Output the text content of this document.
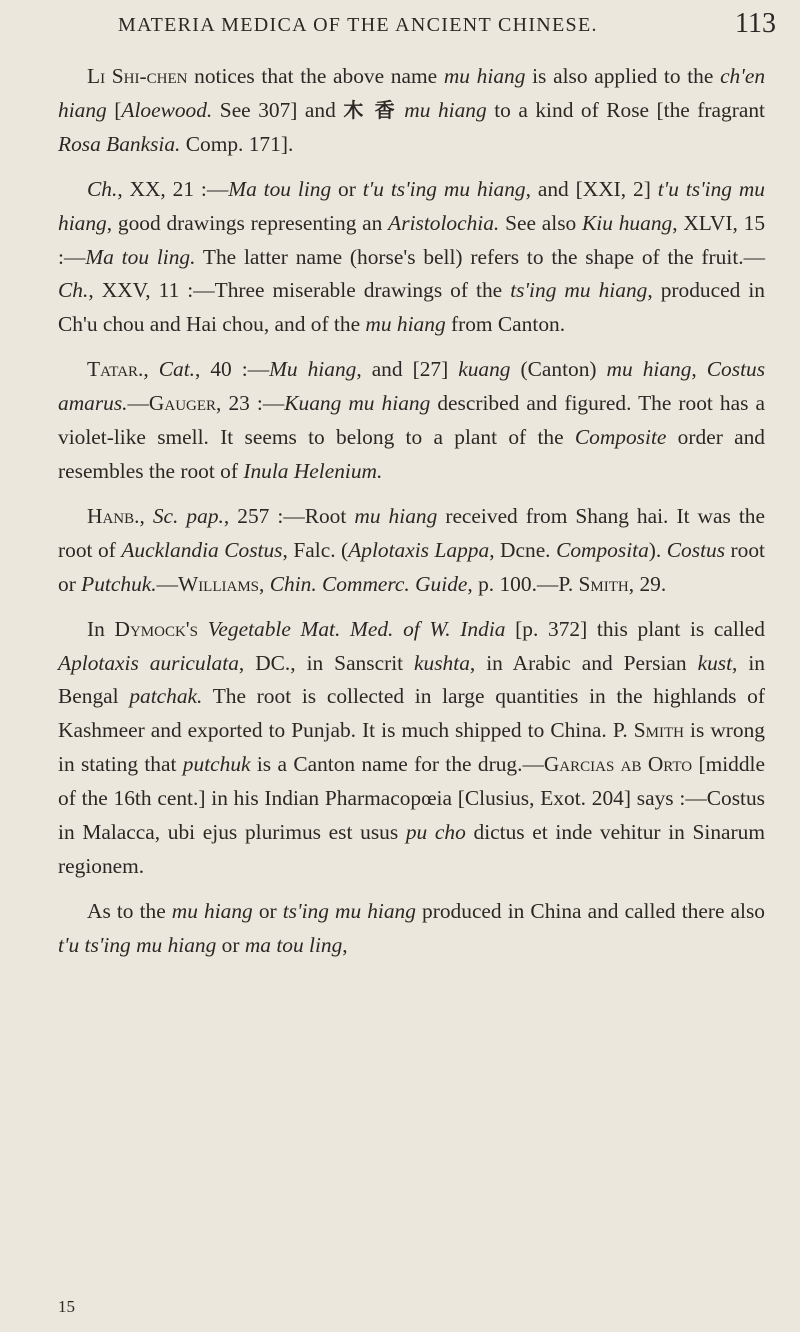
MATERIA MEDICA OF THE ANCIENT CHINESE.	113

Li Shi-chen notices that the above name mu hiang is also applied to the ch'en hiang [Aloewood. See 307] and 木 香 mu hiang to a kind of Rose [the fragrant Rosa Banksia. Comp. 171].

Ch., XX, 21 :—Ma tou ling or t'u ts'ing mu hiang, and [XXI, 2] t'u ts'ing mu hiang, good drawings representing an Aristolochia. See also Kiu huang, XLVI, 15 :—Ma tou ling. The latter name (horse's bell) refers to the shape of the fruit.—Ch., XXV, 11 :—Three miserable drawings of the ts'ing mu hiang, produced in Ch'u chou and Hai chou, and of the mu hiang from Canton.

Tatar., Cat., 40 :—Mu hiang, and [27] kuang (Canton) mu hiang, Costus amarus.—Gauger, 23 :—Kuang mu hiang described and figured. The root has a violet-like smell. It seems to belong to a plant of the Composite order and resembles the root of Inula Helenium.

Hanb., Sc. pap., 257 :—Root mu hiang received from Shang hai. It was the root of Aucklandia Costus, Falc. (Aplotaxis Lappa, Dcne. Composita). Costus root or Putchuk.—Williams, Chin. Commerc. Guide, p. 100.—P. Smith, 29.

In Dymock's Vegetable Mat. Med. of W. India [p. 372] this plant is called Aplotaxis auriculata, DC., in Sanscrit kushta, in Arabic and Persian kust, in Bengal patchak. The root is collected in large quantities in the highlands of Kashmeer and exported to Punjab. It is much shipped to China. P. Smith is wrong in stating that putchuk is a Canton name for the drug.—Garcias ab Orto [middle of the 16th cent.] in his Indian Pharmacopœia [Clusius, Exot. 204] says :—Costus in Malacca, ubi ejus plurimus est usus pu cho dictus et inde vehitur in Sinarum regionem.

As to the mu hiang or ts'ing mu hiang produced in China and called there also t'u ts'ing mu hiang or ma tou ling,

15
